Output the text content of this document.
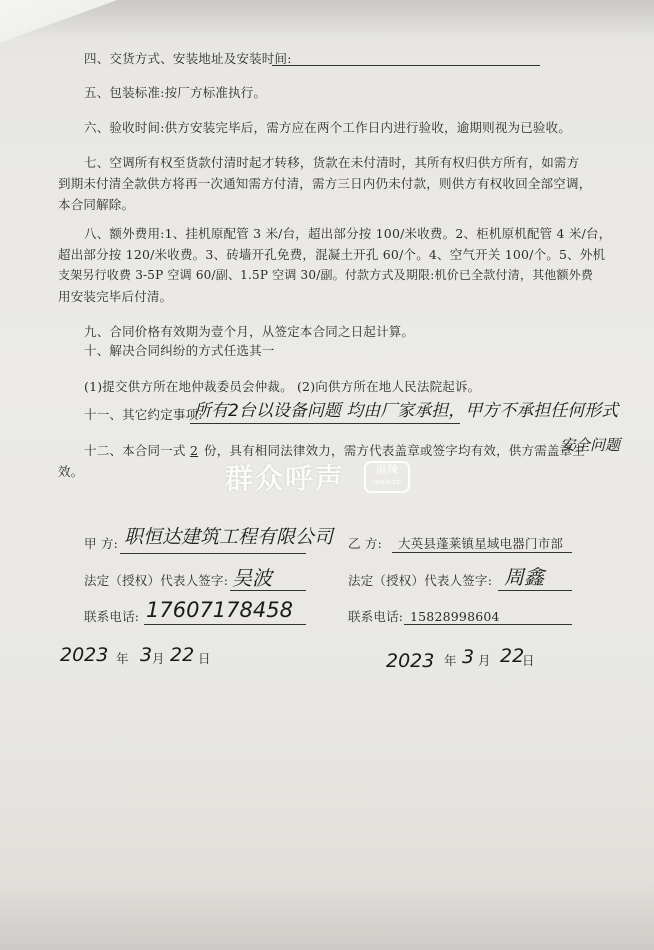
四、交货方式、安装地址及安装时间:
五、包装标准:按厂方标准执行。
六、验收时间:供方安装完毕后，需方应在两个工作日内进行验收，逾期则视为已验收。
七、空调所有权至货款付清时起才转移，货款在未付清时，其所有权归供方所有，如需方
到期未付清全款供方将再一次通知需方付清，需方三日内仍未付款，则供方有权收回全部空调，
本合同解除。
八、额外费用:1、挂机原配管 3 米/台，超出部分按 100/米收费。2、柜机原机配管 4 米/台，
超出部分按 120/米收费。3、砖墙开孔免费，混凝土开孔 60/个。4、空气开关 100/个。5、外机
支架另行收费 3-5P 空调 60/副、1.5P 空调 30/副。付款方式及期限:机价已全款付清，其他额外费
用安装完毕后付清。
九、合同价格有效期为壹个月，从签定本合同之日起计算。
十、解决合同纠纷的方式任选其一
(1)提交供方所在地仲裁委员会仲裁。 (2)向供方所在地人民法院起诉。
十一、其它约定事项:
所有2台以设备问题 均由厂家承担，甲方不承担任何形式
十二、本合同一式 2 份，具有相同法律效力，需方代表盖章或签字均有效，供方需盖章生
安全问题
效。
甲 方: 职恒达建筑工程有限公司
法定（授权）代表人签字: 吴波
联系电话: 17607178458
2023 年 3 月 22 日
乙 方: 大英县蓬莱镇星域电器门市部
法定（授权）代表人签字: 周鑫
联系电话: 15828998604
2023 年 3 月 22
日
群众呼声	麻辣
mala.cn
